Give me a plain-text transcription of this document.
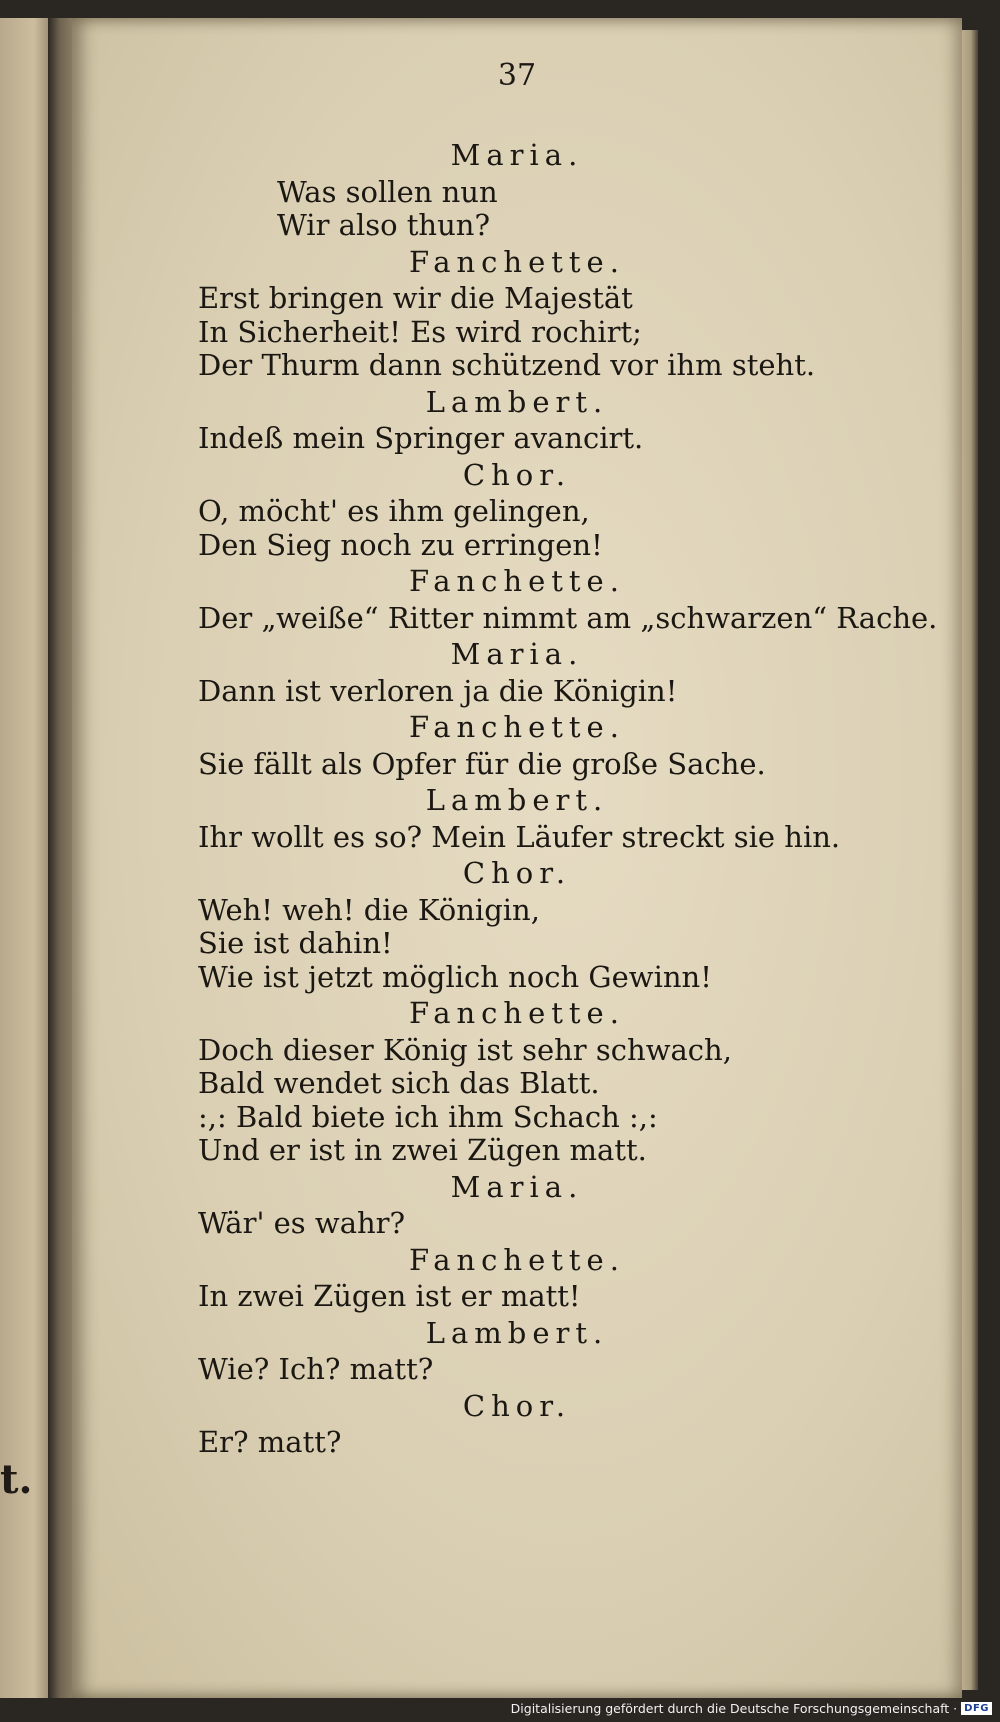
t.
37
Maria.
Was sollen nun
Wir also thun?
Fanchette.
Erst bringen wir die Majestät
In Sicherheit! Es wird rochirt;
Der Thurm dann schützend vor ihm steht.
Lambert.
Indeß mein Springer avancirt.
Chor.
O, möcht' es ihm gelingen,
Den Sieg noch zu erringen!
Fanchette.
Der „weiße“ Ritter nimmt am „schwarzen“ Rache.
Maria.
Dann ist verloren ja die Königin!
Fanchette.
Sie fällt als Opfer für die große Sache.
Lambert.
Ihr wollt es so? Mein Läufer streckt sie hin.
Chor.
Weh! weh! die Königin,
Sie ist dahin!
Wie ist jetzt möglich noch Gewinn!
Fanchette.
Doch dieser König ist sehr schwach,
Bald wendet sich das Blatt.
:,: Bald biete ich ihm Schach :,:
Und er ist in zwei Zügen matt.
Maria.
Wär' es wahr?
Fanchette.
In zwei Zügen ist er matt!
Lambert.
Wie? Ich? matt?
Chor.
Er? matt?
Digitalisierung gefördert durch die Deutsche Forschungsgemeinschaft · DFG
